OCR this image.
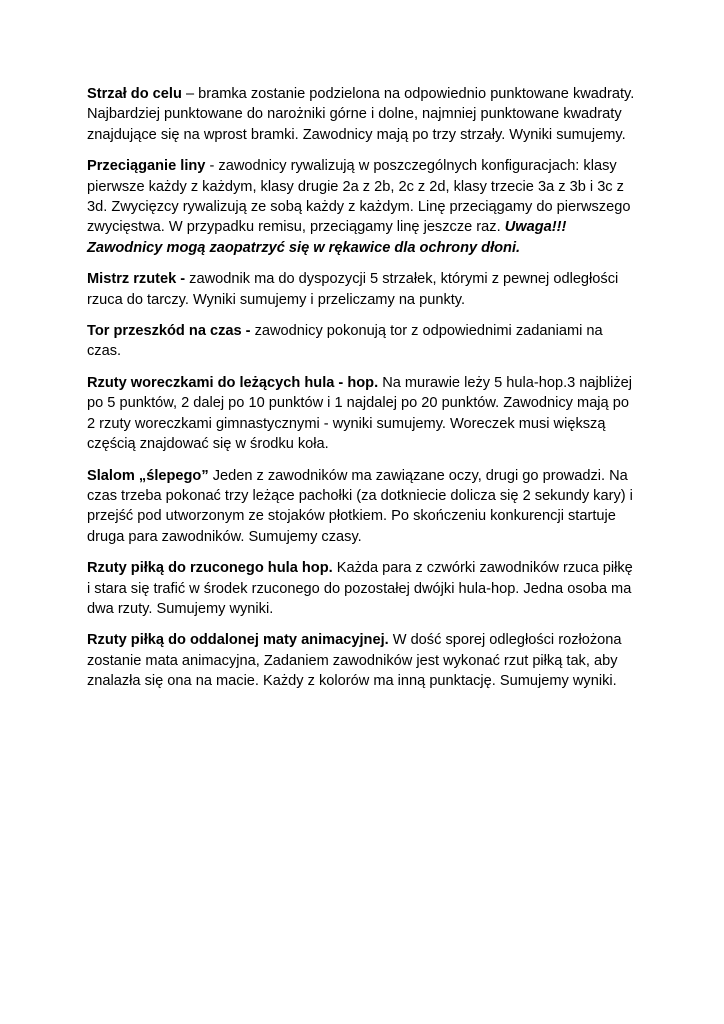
Strzał do celu – bramka zostanie podzielona na odpowiednio punktowane kwadraty.
Najbardziej punktowane do narożniki górne i dolne, najmniej punktowane kwadraty
znajdujące się na wprost bramki. Zawodnicy mają po trzy strzały. Wyniki sumujemy.
Przeciąganie liny - zawodnicy rywalizują w poszczególnych konfiguracjach: klasy
pierwsze każdy z każdym, klasy drugie 2a z 2b, 2c z 2d, klasy trzecie 3a z 3b i 3c z
3d. Zwycięzcy rywalizują ze sobą każdy z każdym. Linę przeciągamy do pierwszego
zwycięstwa. W przypadku remisu, przeciągamy linę jeszcze raz. Uwaga!!!
Zawodnicy mogą zaopatrzyć się w rękawice dla ochrony dłoni.
Mistrz rzutek - zawodnik ma do dyspozycji 5 strzałek, którymi z pewnej odległości
rzuca do tarczy. Wyniki sumujemy i przeliczamy na punkty.
Tor przeszkód na czas - zawodnicy pokonują tor z odpowiednimi zadaniami na
czas.
Rzuty woreczkami do leżących hula - hop. Na murawie leży 5 hula-hop.3 najbliżej
po 5 punktów, 2 dalej po 10 punktów i 1 najdalej po 20 punktów. Zawodnicy mają po
2 rzuty woreczkami gimnastycznymi - wyniki sumujemy. Woreczek musi większą
częścią znajdować się w środku koła.
Slalom „ślepego” Jeden z zawodników ma zawiązane oczy, drugi go prowadzi. Na
czas trzeba pokonać trzy leżące pachołki (za dotkniecie dolicza się 2 sekundy kary) i
przejść pod utworzonym ze stojaków płotkiem. Po skończeniu konkurencji startuje
druga para zawodników. Sumujemy czasy.
Rzuty piłką do rzuconego hula hop. Każda para z czwórki zawodników rzuca piłkę
i stara się trafić w środek rzuconego do pozostałej dwójki hula-hop. Jedna osoba ma
dwa rzuty. Sumujemy wyniki.
Rzuty piłką do oddalonej maty animacyjnej. W dość sporej odległości rozłożona
zostanie mata animacyjna, Zadaniem zawodników jest wykonać rzut piłką tak, aby
znalazła się ona na macie. Każdy z kolorów ma inną punktację. Sumujemy wyniki.
